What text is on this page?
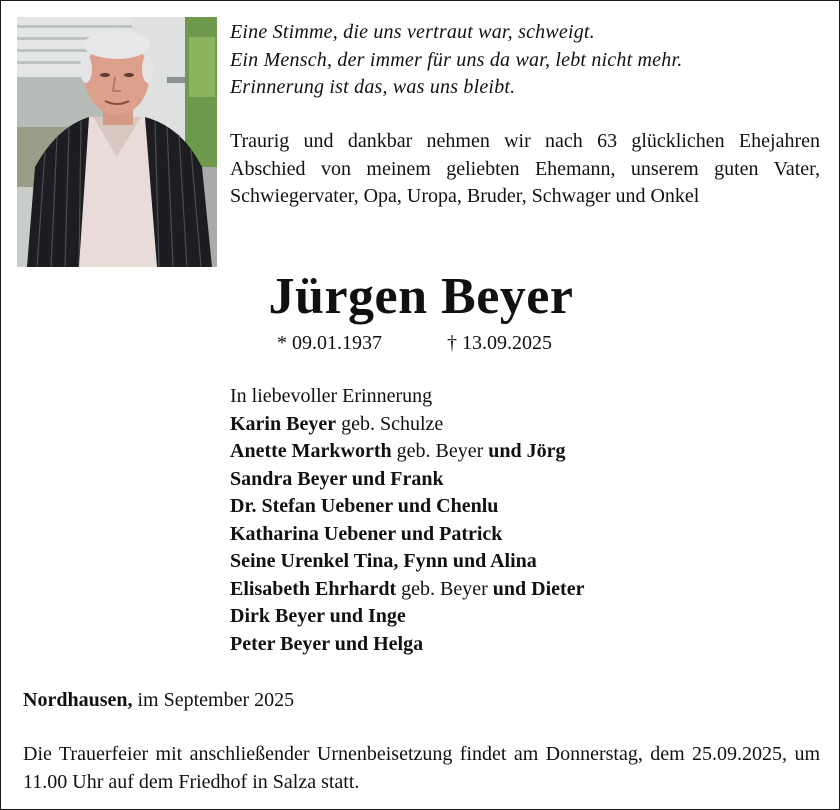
Eine Stimme, die uns vertraut war, schweigt.
Ein Mensch, der immer für uns da war, lebt nicht mehr.
Erinnerung ist das, was uns bleibt.
Traurig und dankbar nehmen wir nach 63 glücklichen Ehejahren Abschied von meinem geliebten Ehemann, unserem guten Vater, Schwiegervater, Opa, Uropa, Bruder, Schwager und Onkel
Jürgen Beyer
* 09.01.1937	† 13.09.2025
In liebevoller Erinnerung
Karin Beyer geb. Schulze
Anette Markworth geb. Beyer und Jörg
Sandra Beyer und Frank
Dr. Stefan Uebener und Chenlu
Katharina Uebener und Patrick
Seine Urenkel Tina, Fynn und Alina
Elisabeth Ehrhardt geb. Beyer und Dieter
Dirk Beyer und Inge
Peter Beyer und Helga
Nordhausen, im September 2025
Die Trauerfeier mit anschließender Urnenbeisetzung findet am Donnerstag, dem 25.09.2025, um 11.00 Uhr auf dem Friedhof in Salza statt.
